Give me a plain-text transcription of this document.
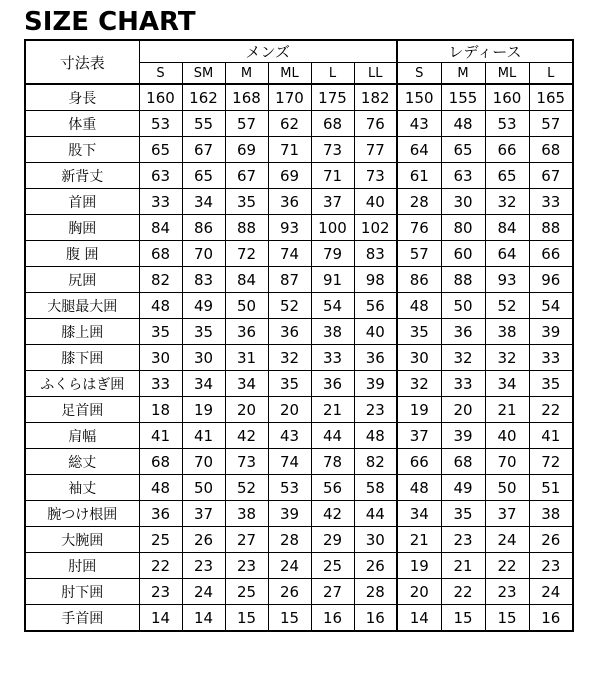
SIZE CHART
寸法表	メンズ						レディース			
	S	SM	M	ML	L	LL	S	M	ML	L
身長	160	162	168	170	175	182	150	155	160	165
体重	53	55	57	62	68	76	43	48	53	57
股下	65	67	69	71	73	77	64	65	66	68
新背丈	63	65	67	69	71	73	61	63	65	67
首囲	33	34	35	36	37	40	28	30	32	33
胸囲	84	86	88	93	100	102	76	80	84	88
腹 囲	68	70	72	74	79	83	57	60	64	66
尻囲	82	83	84	87	91	98	86	88	93	96
大腿最大囲	48	49	50	52	54	56	48	50	52	54
膝上囲	35	35	36	36	38	40	35	36	38	39
膝下囲	30	30	31	32	33	36	30	32	32	33
ふくらはぎ囲	33	34	34	35	36	39	32	33	34	35
足首囲	18	19	20	20	21	23	19	20	21	22
肩幅	41	41	42	43	44	48	37	39	40	41
総丈	68	70	73	74	78	82	66	68	70	72
袖丈	48	50	52	53	56	58	48	49	50	51
腕つけ根囲	36	37	38	39	42	44	34	35	37	38
大腕囲	25	26	27	28	29	30	21	23	24	26
肘囲	22	23	23	24	25	26	19	21	22	23
肘下囲	23	24	25	26	27	28	20	22	23	24
手首囲	14	14	15	15	16	16	14	15	15	16
